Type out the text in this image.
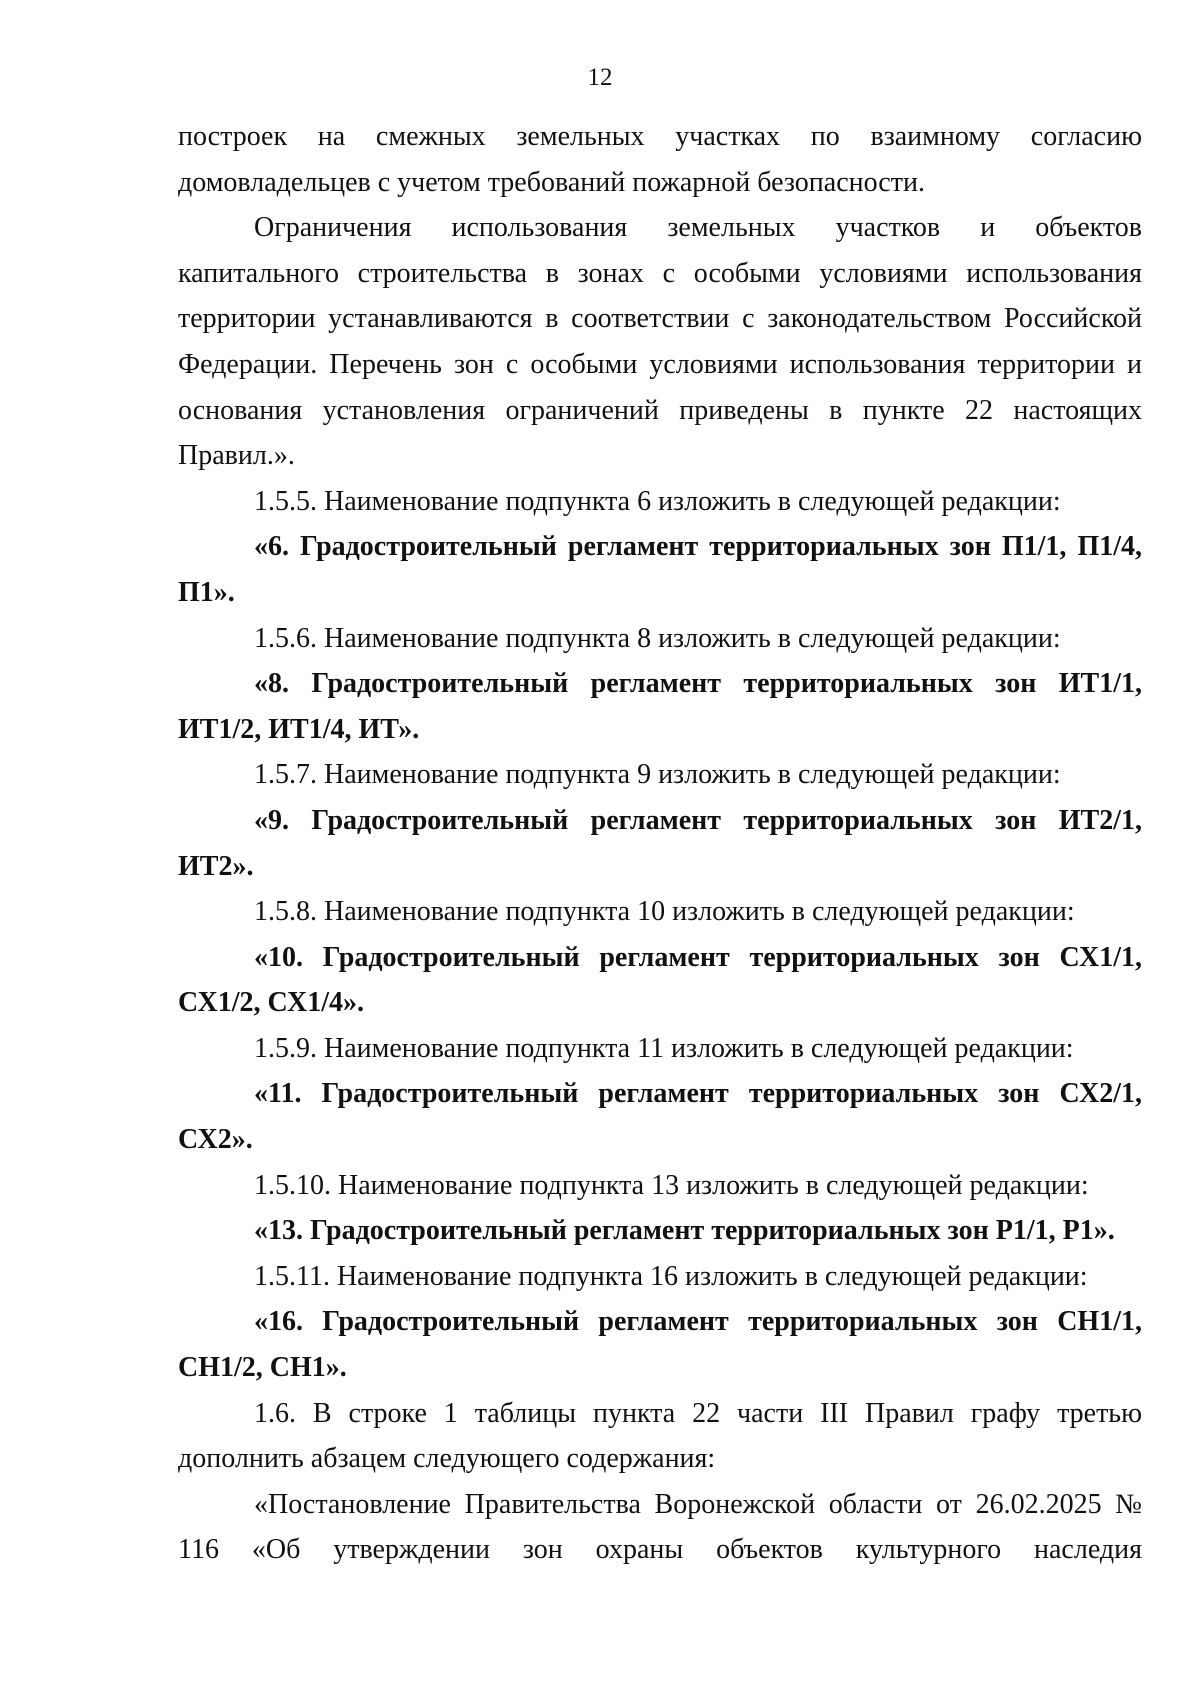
12

построек на смежных земельных участках по взаимному согласию домовладельцев с учетом требований пожарной безопасности.

Ограничения использования земельных участков и объектов капитального строительства в зонах с особыми условиями использования территории устанавливаются в соответствии с законодательством Российской Федерации. Перечень зон с особыми условиями использования территории и основания установления ограничений приведены в пункте 22 настоящих Правил.».

1.5.5. Наименование подпункта 6 изложить в следующей редакции:

«6. Градостроительный регламент территориальных зон П1/1, П1/4, П1».

1.5.6. Наименование подпункта 8 изложить в следующей редакции:

«8. Градостроительный регламент территориальных зон ИТ1/1, ИТ1/2, ИТ1/4, ИТ».

1.5.7. Наименование подпункта 9 изложить в следующей редакции:

«9. Градостроительный регламент территориальных зон ИТ2/1, ИТ2».

1.5.8. Наименование подпункта 10 изложить в следующей редакции:

«10. Градостроительный регламент территориальных зон СХ1/1, СХ1/2, СХ1/4».

1.5.9. Наименование подпункта 11 изложить в следующей редакции:

«11. Градостроительный регламент территориальных зон СХ2/1, СХ2».

1.5.10. Наименование подпункта 13 изложить в следующей редакции:

«13. Градостроительный регламент территориальных зон Р1/1, Р1».

1.5.11. Наименование подпункта 16 изложить в следующей редакции:

«16. Градостроительный регламент территориальных зон СН1/1, СН1/2, СН1».

1.6. В строке 1 таблицы пункта 22 части III Правил графу третью дополнить абзацем следующего содержания:

«Постановление Правительства Воронежской области от 26.02.2025 № 116 «Об утверждении зон охраны объектов культурного наследия
